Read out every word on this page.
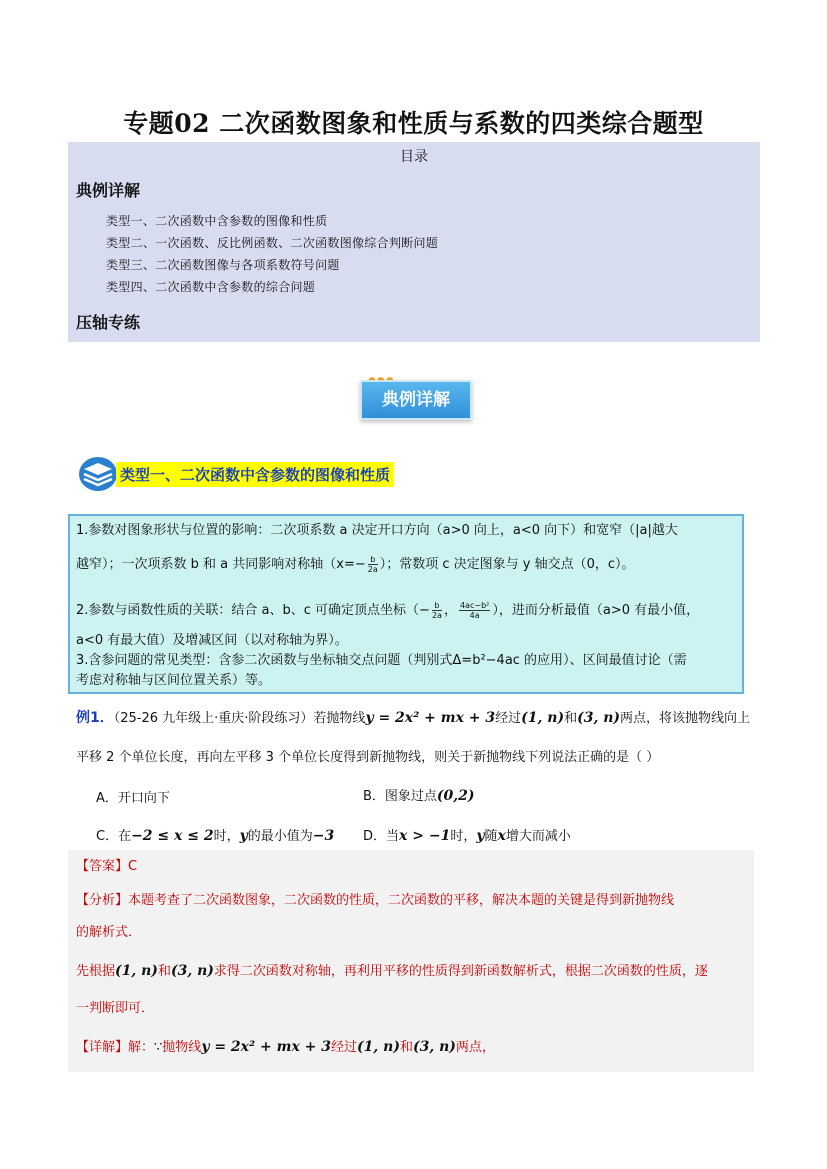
专题02 二次函数图象和性质与系数的四类综合题型
目录
典例详解
类型一、二次函数中含参数的图像和性质
类型二、一次函数、反比例函数、二次函数图像综合判断问题
类型三、二次函数图像与各项系数符号问题
类型四、二次函数中含参数的综合问题
压轴专练
典例详解
类型一、二次函数中含参数的图像和性质

1.参数对图象形状与位置的影响：二次项系数 a 决定开口方向（a>0 向上，a<0 向下）和宽窄（|a|越大

越窄）；一次项系数 b 和 a 共同影响对称轴（$x=- \frac{b}{2a}$ ）；常数项 c 决定图象与 y 轴交点（0，c）。

2.参数与函数性质的关联：结合 a、b、c 可确定顶点坐标（− $\frac{b}{2a}$ ， $\frac{\text{4ac−b²}}{4a}$ ），进而分析最值（a>0 有最小值，

a<0 有最大值）及增减区间（以对称轴为界）。

3.含参问题的常见类型：含参二次函数与坐标轴交点问题（判别式Δ=b²−4ac 的应用）、区间最值讨论（需

考虑对称轴与区间位置关系）等。

例1．（25-26 九年级上·重庆·阶段练习）若抛物线y = 2x² + mx + 3经过(1, n)和(3, n)两点，将该抛物线向上

平移 2 个单位长度，再向左平移 3 个单位长度得到新抛物线，则关于新抛物线下列说法正确的是（ ）

A．开口向下	B．图象过点(0,2)
C．在−2 ≤ x ≤ 2时，y的最小值为−3 D．当x > −1时，y随x增大而减小

【答案】C

【分析】本题考查了二次函数图象，二次函数的性质，二次函数的平移，解决本题的关键是得到新抛物线

的解析式．

先根据(1, n)和(3, n)求得二次函数对称轴，再利用平移的性质得到新函数解析式，根据二次函数的性质，逐

一判断即可．

【详解】解：∵抛物线y = 2x² + mx + 3经过(1, n)和(3, n)两点，
